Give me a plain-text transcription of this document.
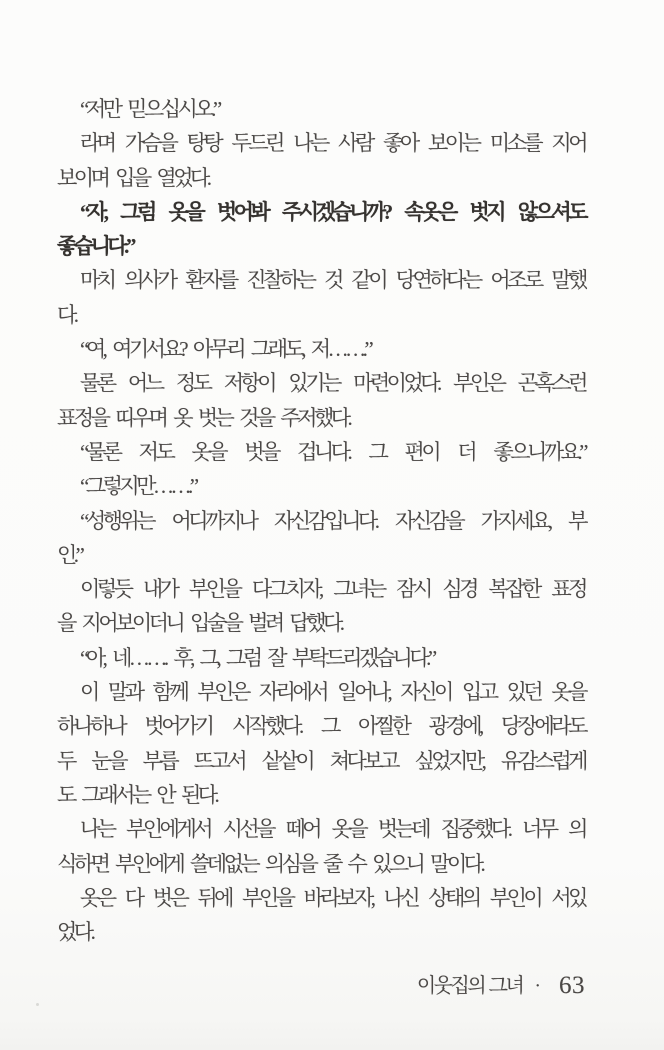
“저만 믿으십시오.”
라며 가슴을 탕탕 두드린 나는 사람 좋아 보이는 미소를 지어
보이며 입을 열었다.
“자, 그럼 옷을 벗어봐 주시겠습니까? 속옷은 벗지 않으셔도
좋습니다.”
마치 의사가 환자를 진찰하는 것 같이 당연하다는 어조로 말했
다.
“여, 여기서요? 아무리 그래도, 저…….”
물론 어느 정도 저항이 있기는 마련이었다. 부인은 곤혹스런
표정을 띠우며 옷 벗는 것을 주저했다.
“물론 저도 옷을 벗을 겁니다. 그 편이 더 좋으니까요.”
“그렇지만…….”
“성행위는 어디까지나 자신감입니다. 자신감을 가지세요, 부
인.”
이렇듯 내가 부인을 다그치자, 그녀는 잠시 심경 복잡한 표정
을 지어보이더니 입술을 벌려 답했다.
“아, 네……. 후, 그, 그럼 잘 부탁드리겠습니다.”
이 말과 함께 부인은 자리에서 일어나, 자신이 입고 있던 옷을
하나하나 벗어가기 시작했다. 그 아찔한 광경에, 당장에라도
두 눈을 부릅 뜨고서 샅샅이 쳐다보고 싶었지만, 유감스럽게
도 그래서는 안 된다.
나는 부인에게서 시선을 떼어 옷을 벗는데 집중했다. 너무 의
식하면 부인에게 쓸데없는 의심을 줄 수 있으니 말이다.
옷은 다 벗은 뒤에 부인을 바라보자, 나신 상태의 부인이 서있
었다.
이웃집의 그녀 · 63
